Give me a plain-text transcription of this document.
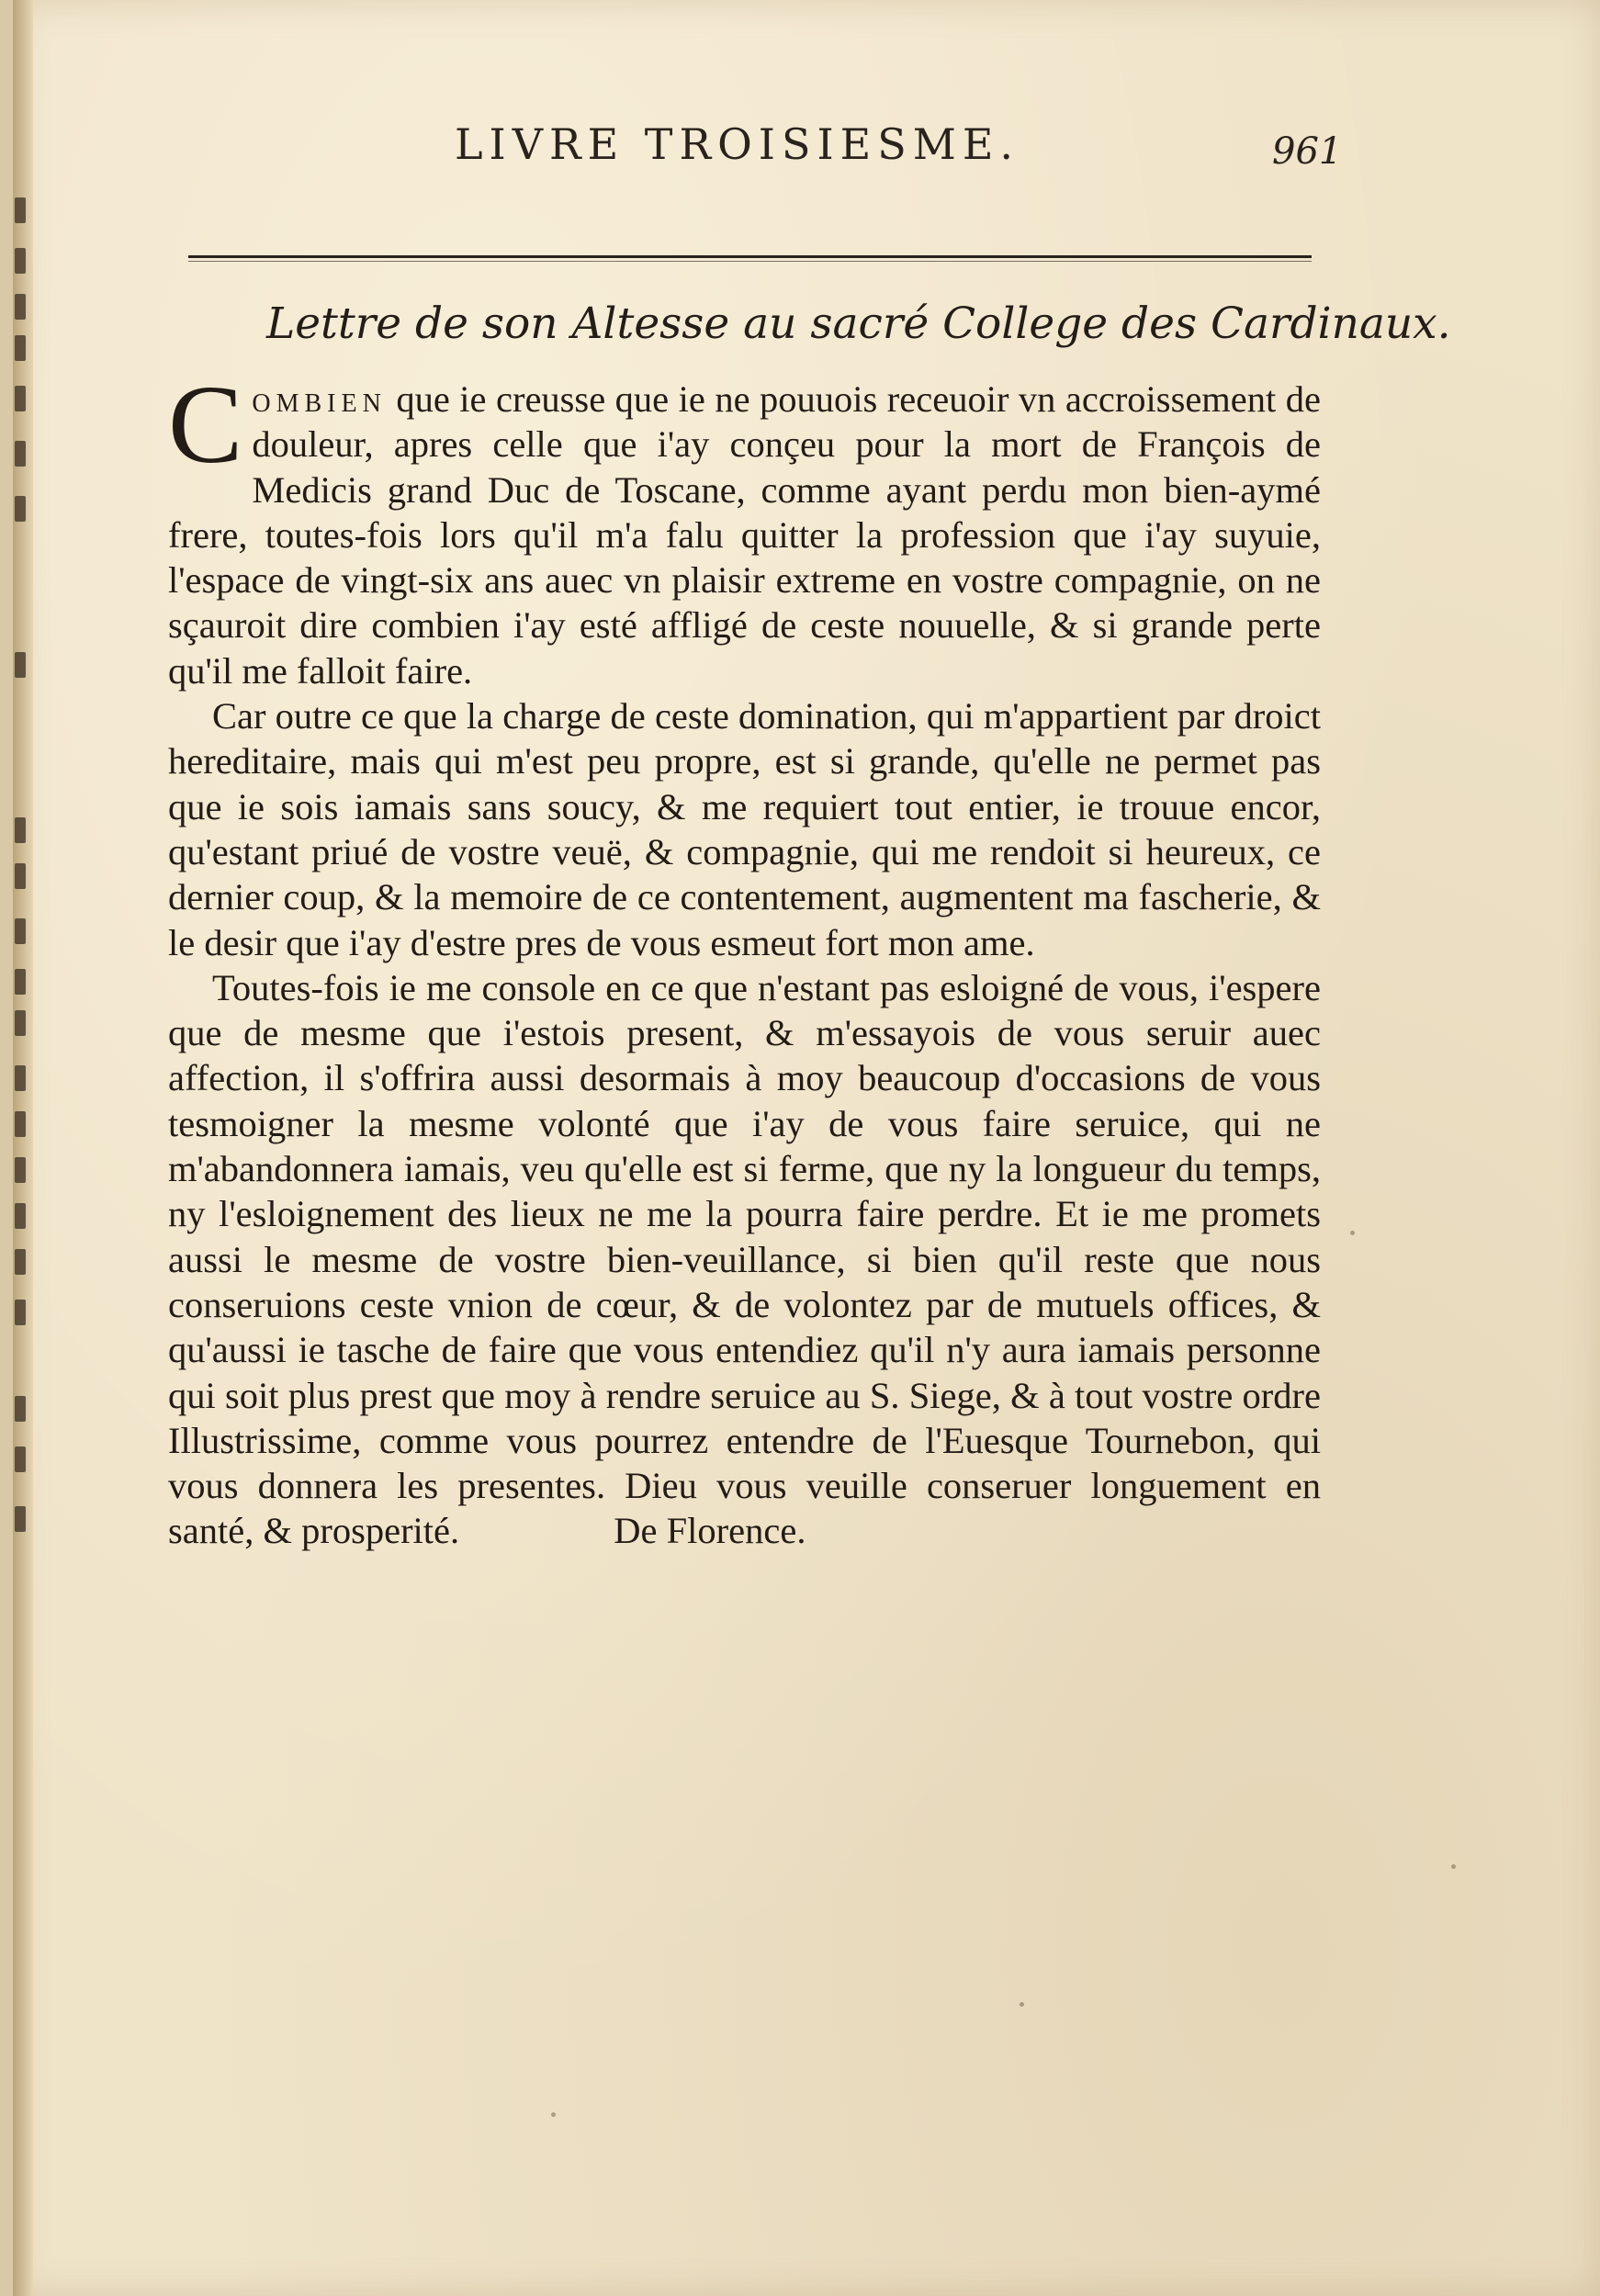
LIVRE TROISIESME.	961
Lettre de son Altesse au sacré College des Cardinaux.

C ombien que ie creusse que ie ne pouuois receuoir vn accroissement de douleur, apres celle que i'ay conçeu pour la mort de François de Medicis grand Duc de Toscane, comme ayant perdu mon bien-aymé frere, toutes-fois lors qu'il m'a falu quitter la profession que i'ay suyuie, l'espace de vingt-six ans auec vn plaisir extreme en vostre compagnie, on ne sçauroit dire combien i'ay esté affligé de ceste nouuelle, & si grande perte qu'il me falloit faire.

Car outre ce que la charge de ceste domination, qui m'appartient par droict hereditaire, mais qui m'est peu propre, est si grande, qu'elle ne permet pas que ie sois iamais sans soucy, & me requiert tout entier, ie trouue encor, qu'estant priué de vostre veuë, & compagnie, qui me rendoit si heureux, ce dernier coup, & la memoire de ce contentement, augmentent ma fascherie, & le desir que i'ay d'estre pres de vous esmeut fort mon ame.

Toutes-fois ie me console en ce que n'estant pas esloigné de vous, i'espere que de mesme que i'estois present, & m'essayois de vous seruir auec affection, il s'offrira aussi desormais à moy beaucoup d'occasions de vous tesmoigner la mesme volonté que i'ay de vous faire seruice, qui ne m'abandonnera iamais, veu qu'elle est si ferme, que ny la longueur du temps, ny l'esloignement des lieux ne me la pourra faire perdre. Et ie me promets aussi le mesme de vostre bien-veuillance, si bien qu'il reste que nous conseruions ceste vnion de cœur, & de volontez par de mutuels offices, & qu'aussi ie tasche de faire que vous entendiez qu'il n'y aura iamais personne qui soit plus prest que moy à rendre seruice au S. Siege, & à tout vostre ordre Illustrissime, comme vous pourrez entendre de l'Euesque Tournebon, qui vous donnera les presentes. Dieu vous veuille conseruer longuement en santé, & prosperité.	De Florence.
